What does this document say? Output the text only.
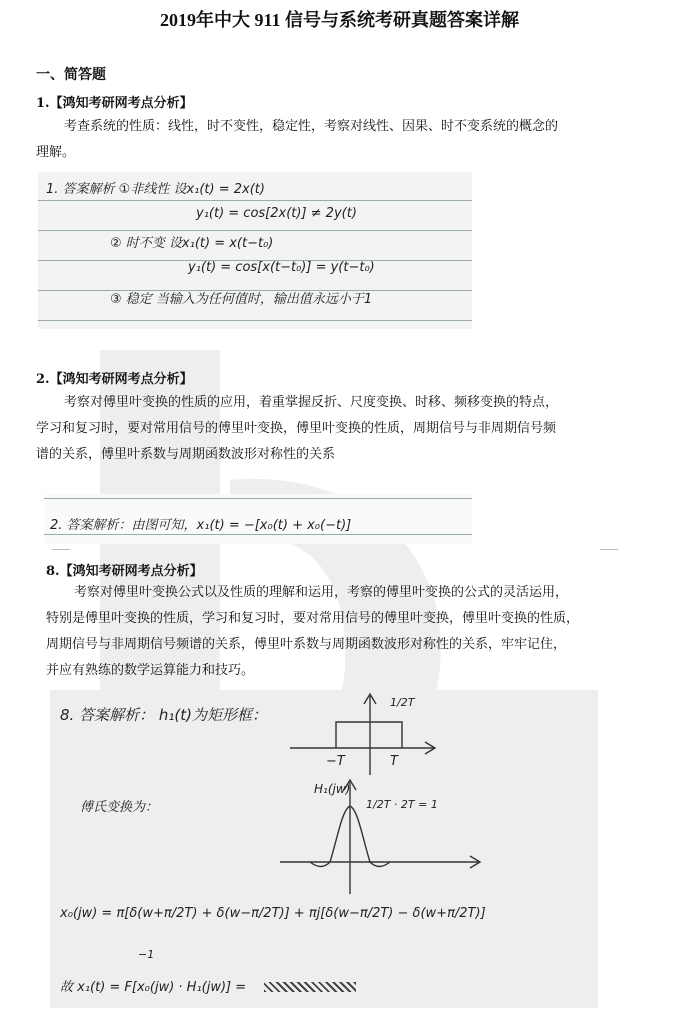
2019年中大 911 信号与系统考研真题答案详解
一、简答题
1.【鸿知考研网考点分析】
考查系统的性质：线性，时不变性，稳定性，考察对线性、因果、时不变系统的概念的
理解。
1. 答案解析 ①非线性 设x₁(t) = 2x(t)
y₁(t) = cos[2x(t)] ≠ 2y(t)
② 时不变 设x₁(t) = x(t−t₀)
y₁(t) = cos[x(t−t₀)] = y(t−t₀)
③ 稳定 当输入为任何值时，输出值永远小于1
2.【鸿知考研网考点分析】
考察对傅里叶变换的性质的应用，着重掌握反折、尺度变换、时移、频移变换的特点，
学习和复习时，要对常用信号的傅里叶变换，傅里叶变换的性质，周期信号与非周期信号频
谱的关系，傅里叶系数与周期函数波形对称性的关系
2. 答案解析：由图可知，x₁(t) = −[x₀(t) + x₀(−t)]
8.【鸿知考研网考点分析】
考察对傅里叶变换公式以及性质的理解和运用，考察的傅里叶变换的公式的灵活运用，
特别是傅里叶变换的性质，学习和复习时，要对常用信号的傅里叶变换，傅里叶变换的性质，
周期信号与非周期信号频谱的关系，傅里叶系数与周期函数波形对称性的关系，牢牢记住，
并应有熟练的数学运算能力和技巧。
8. 答案解析： h₁(t)为矩形框：
1/2T
−T	T
傅氏变换为：
H₁(jw)
1/2T · 2T = 1
x₀(jw) = π[δ(w+π/2T) + δ(w−π/2T)] + πj[δ(w−π/2T) − δ(w+π/2T)]
−1
故 x₁(t) = F[x₀(jw) · H₁(jw)] =
